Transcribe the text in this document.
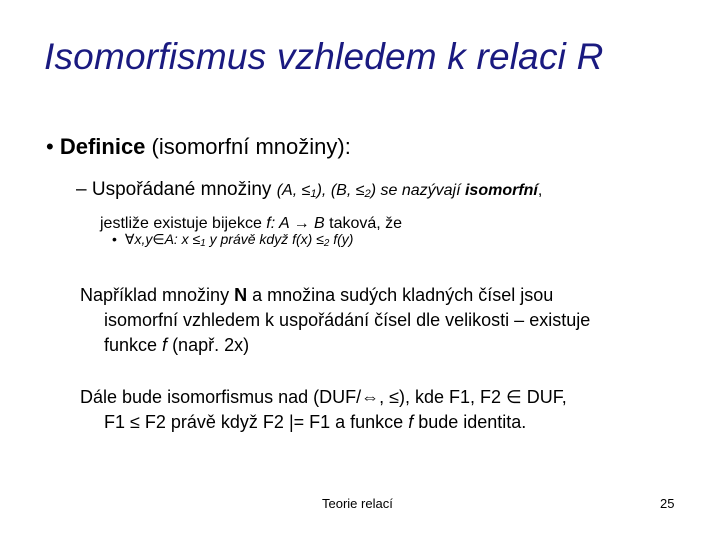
Isomorfismus vzhledem k relaci R
• Definice (isomorfní množiny):
– Uspořádané množiny (A, $\le_1$), (B, $\le_2$) se nazývají isomorfní,
jestliže existuje bijekce f: A → B taková, že
• ∀x,y∈A: $x \le_1$ y právě když $f(x) \le_2$ f(y)
Například množiny N a množina sudých kladných čísel jsou
isomorfní vzhledem k uspořádání čísel dle velikosti – existuje
funkce f (např. 2x)
Dále bude isomorfismus nad (DUF/⇔, ≤), kde F1, F2 ∈ DUF,
F1 ≤ F2 právě když F2 |= F1 a funkce f bude identita.
Teorie relací	25
